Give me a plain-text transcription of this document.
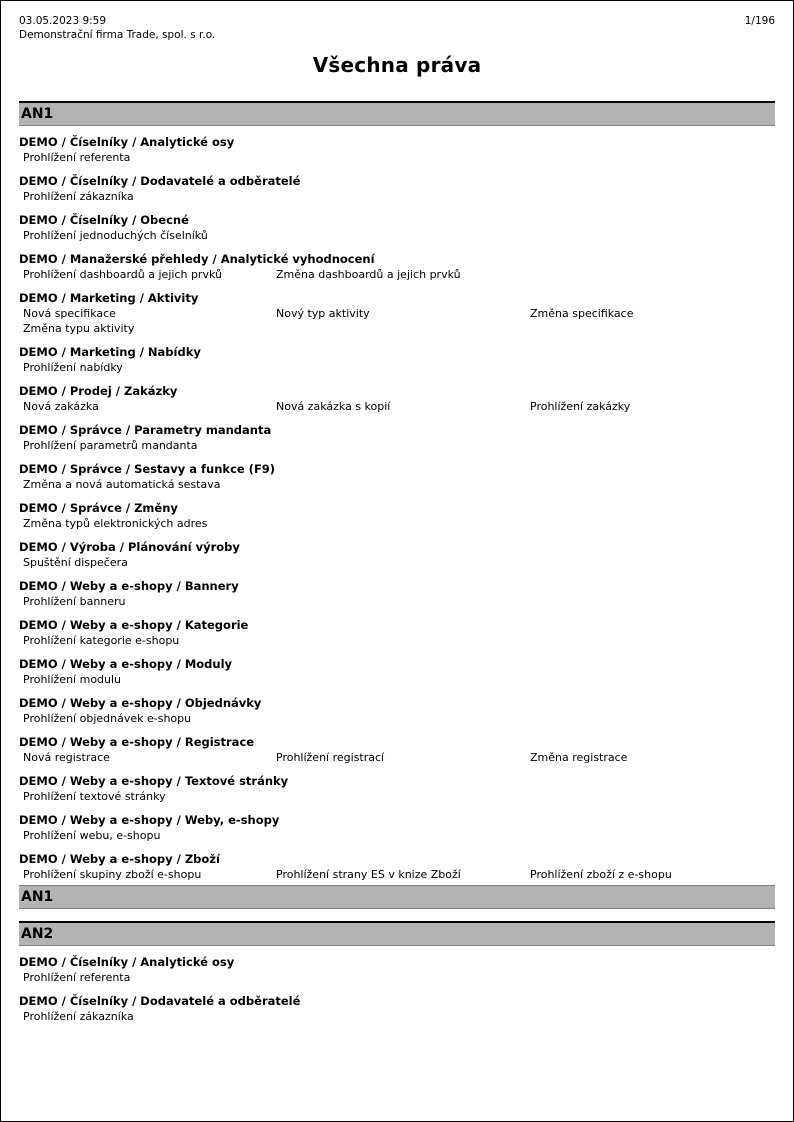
03.05.2023 9:59
Demonstrační firma Trade, spol. s r.o.
1/196
Všechna práva
AN1
DEMO / Číselníky / Analytické osy
Prohlížení referenta
DEMO / Číselníky / Dodavatelé a odběratelé
Prohlížení zákazníka
DEMO / Číselníky / Obecné
Prohlížení jednoduchých číselníků
DEMO / Manažerské přehledy / Analytické vyhodnocení
Prohlížení dashboardů a jejich prvků	Změna dashboardů a jejich prvků
DEMO / Marketing / Aktivity
Nová specifikace	Nový typ aktivity	Změna specifikace
Změna typu aktivity
DEMO / Marketing / Nabídky
Prohlížení nabídky
DEMO / Prodej / Zakázky
Nová zakázka	Nová zakázka s kopií	Prohlížení zakázky
DEMO / Správce / Parametry mandanta
Prohlížení parametrů mandanta
DEMO / Správce / Sestavy a funkce (F9)
Změna a nová automatická sestava
DEMO / Správce / Změny
Změna typů elektronických adres
DEMO / Výroba / Plánování výroby
Spuštění dispečera
DEMO / Weby a e-shopy / Bannery
Prohlížení banneru
DEMO / Weby a e-shopy / Kategorie
Prohlížení kategorie e-shopu
DEMO / Weby a e-shopy / Moduly
Prohlížení modulu
DEMO / Weby a e-shopy / Objednávky
Prohlížení objednávek e-shopu
DEMO / Weby a e-shopy / Registrace
Nová registrace	Prohlížení registrací	Změna registrace
DEMO / Weby a e-shopy / Textové stránky
Prohlížení textové stránky
DEMO / Weby a e-shopy / Weby, e-shopy
Prohlížení webu, e-shopu
DEMO / Weby a e-shopy / Zboží
Prohlížení skupiny zboží e-shopu	Prohlížení strany ES v knize Zboží	Prohlížení zboží z e-shopu
AN1
AN2
DEMO / Číselníky / Analytické osy
Prohlížení referenta
DEMO / Číselníky / Dodavatelé a odběratelé
Prohlížení zákazníka
